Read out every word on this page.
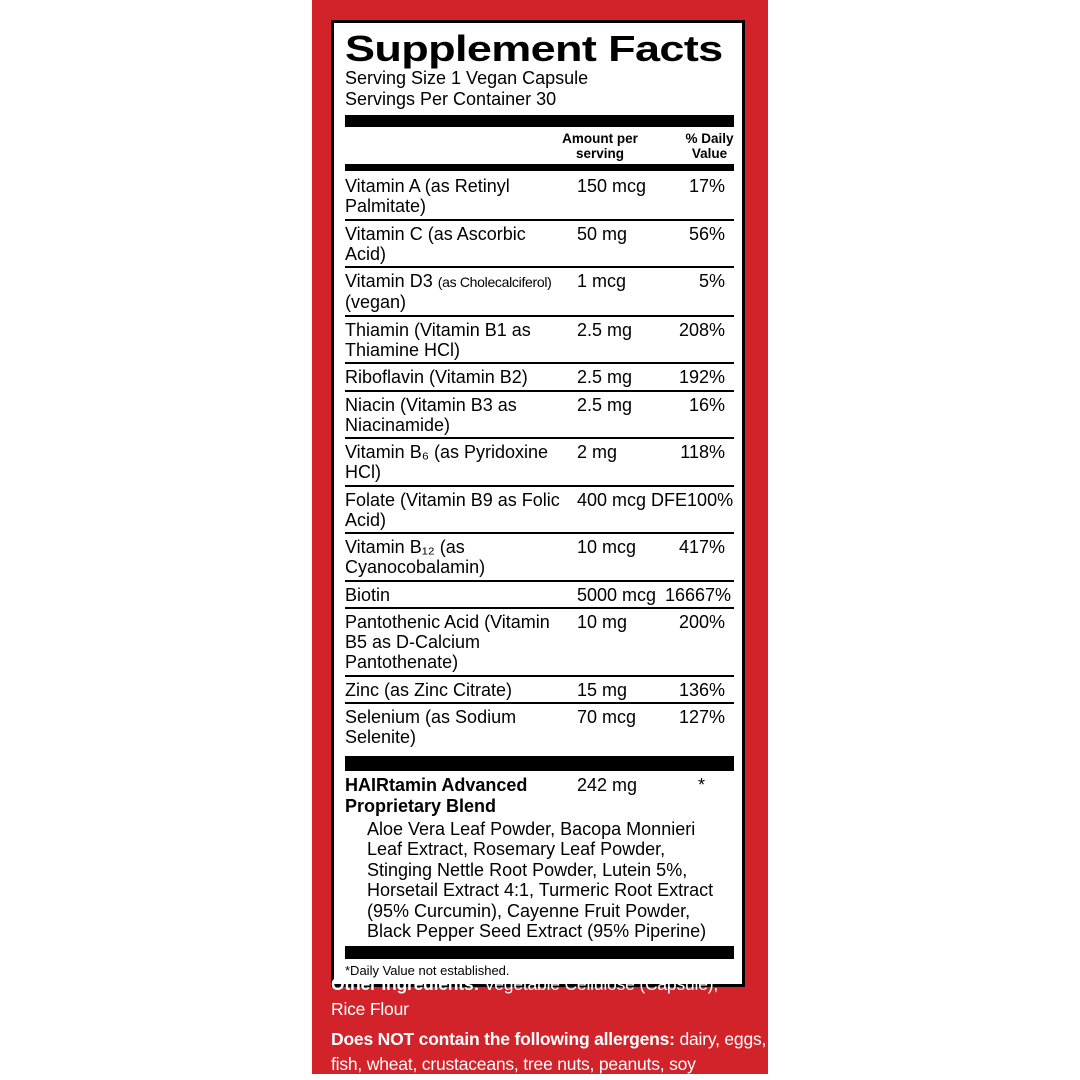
Supplement Facts
Serving Size 1 Vegan Capsule
Servings Per Container 30
Amount per
serving
% Daily
Value
Vitamin A (as Retinyl Palmitate)
150 mcg	17%
Vitamin C (as Ascorbic Acid)
50 mg	56%
Vitamin D3 (as Cholecalciferol)
(vegan)
1 mcg	5%
Thiamin (Vitamin B1 as Thiamine HCl)
2.5 mg	208%
Riboflavin (Vitamin B2)	2.5 mg	192%
Niacin (Vitamin B3 as Niacinamide)
2.5 mg	16%
Vitamin B₆ (as Pyridoxine HCl)
2 mg	118%
Folate (Vitamin B9 as Folic Acid)
400 mcg DFE 100%
Vitamin B₁₂ (as Cyanocobalamin)
10 mcg	417%
Biotin	5000 mcg 16667%
Pantothenic Acid (Vitamin B5 as D-Calcium Pantothenate)
10 mg	200%
Zinc (as Zinc Citrate)	15 mg	136%
Selenium (as Sodium Selenite)
70 mcg	127%
HAIRtamin Advanced Proprietary Blend
242 mg	*
Aloe Vera Leaf Powder, Bacopa Monnieri Leaf Extract, Rosemary Leaf Powder, Stinging Nettle Root Powder, Lutein 5%, Horsetail Extract 4:1, Turmeric Root Extract (95% Curcumin), Cayenne Fruit Powder, Black Pepper Seed Extract (95% Piperine)
*Daily Value not established.

Other Ingredients: Vegetable Cellulose (Capsule), Rice Flour

Does NOT contain the following allergens: dairy, eggs, fish, wheat, crustaceans, tree nuts, peanuts, soy
